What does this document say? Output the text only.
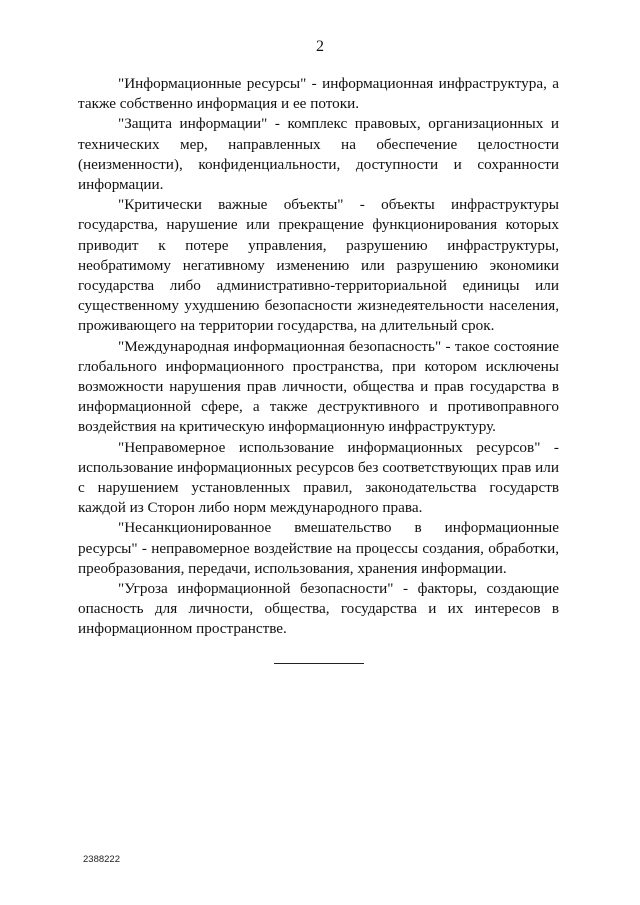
2

"Информационные ресурсы" - информационная инфраструктура, а также собственно информация и ее потоки.

"Защита информации" - комплекс правовых, организационных и технических мер, направленных на обеспечение целостности (неизменности), конфиденциальности, доступности и сохранности информации.

"Критически важные объекты" - объекты инфраструктуры государства, нарушение или прекращение функционирования которых приводит к потере управления, разрушению инфраструктуры, необратимому негативному изменению или разрушению экономики государства либо административно-территориальной единицы или существенному ухудшению безопасности жизнедеятельности населения, проживающего на территории государства, на длительный срок.

"Международная информационная безопасность" - такое состояние глобального информационного пространства, при котором исключены возможности нарушения прав личности, общества и прав государства в информационной сфере, а также деструктивного и противоправного воздействия на критическую информационную инфраструктуру.

"Неправомерное использование информационных ресурсов" - использование информационных ресурсов без соответствующих прав или с нарушением установленных правил, законодательства государств каждой из Сторон либо норм международного права.

"Несанкционированное вмешательство в информационные ресурсы" - неправомерное воздействие на процессы создания, обработки, преобразования, передачи, использования, хранения информации.

"Угроза информационной безопасности" - факторы, создающие опасность для личности, общества, государства и их интересов в информационном пространстве.

2388222
